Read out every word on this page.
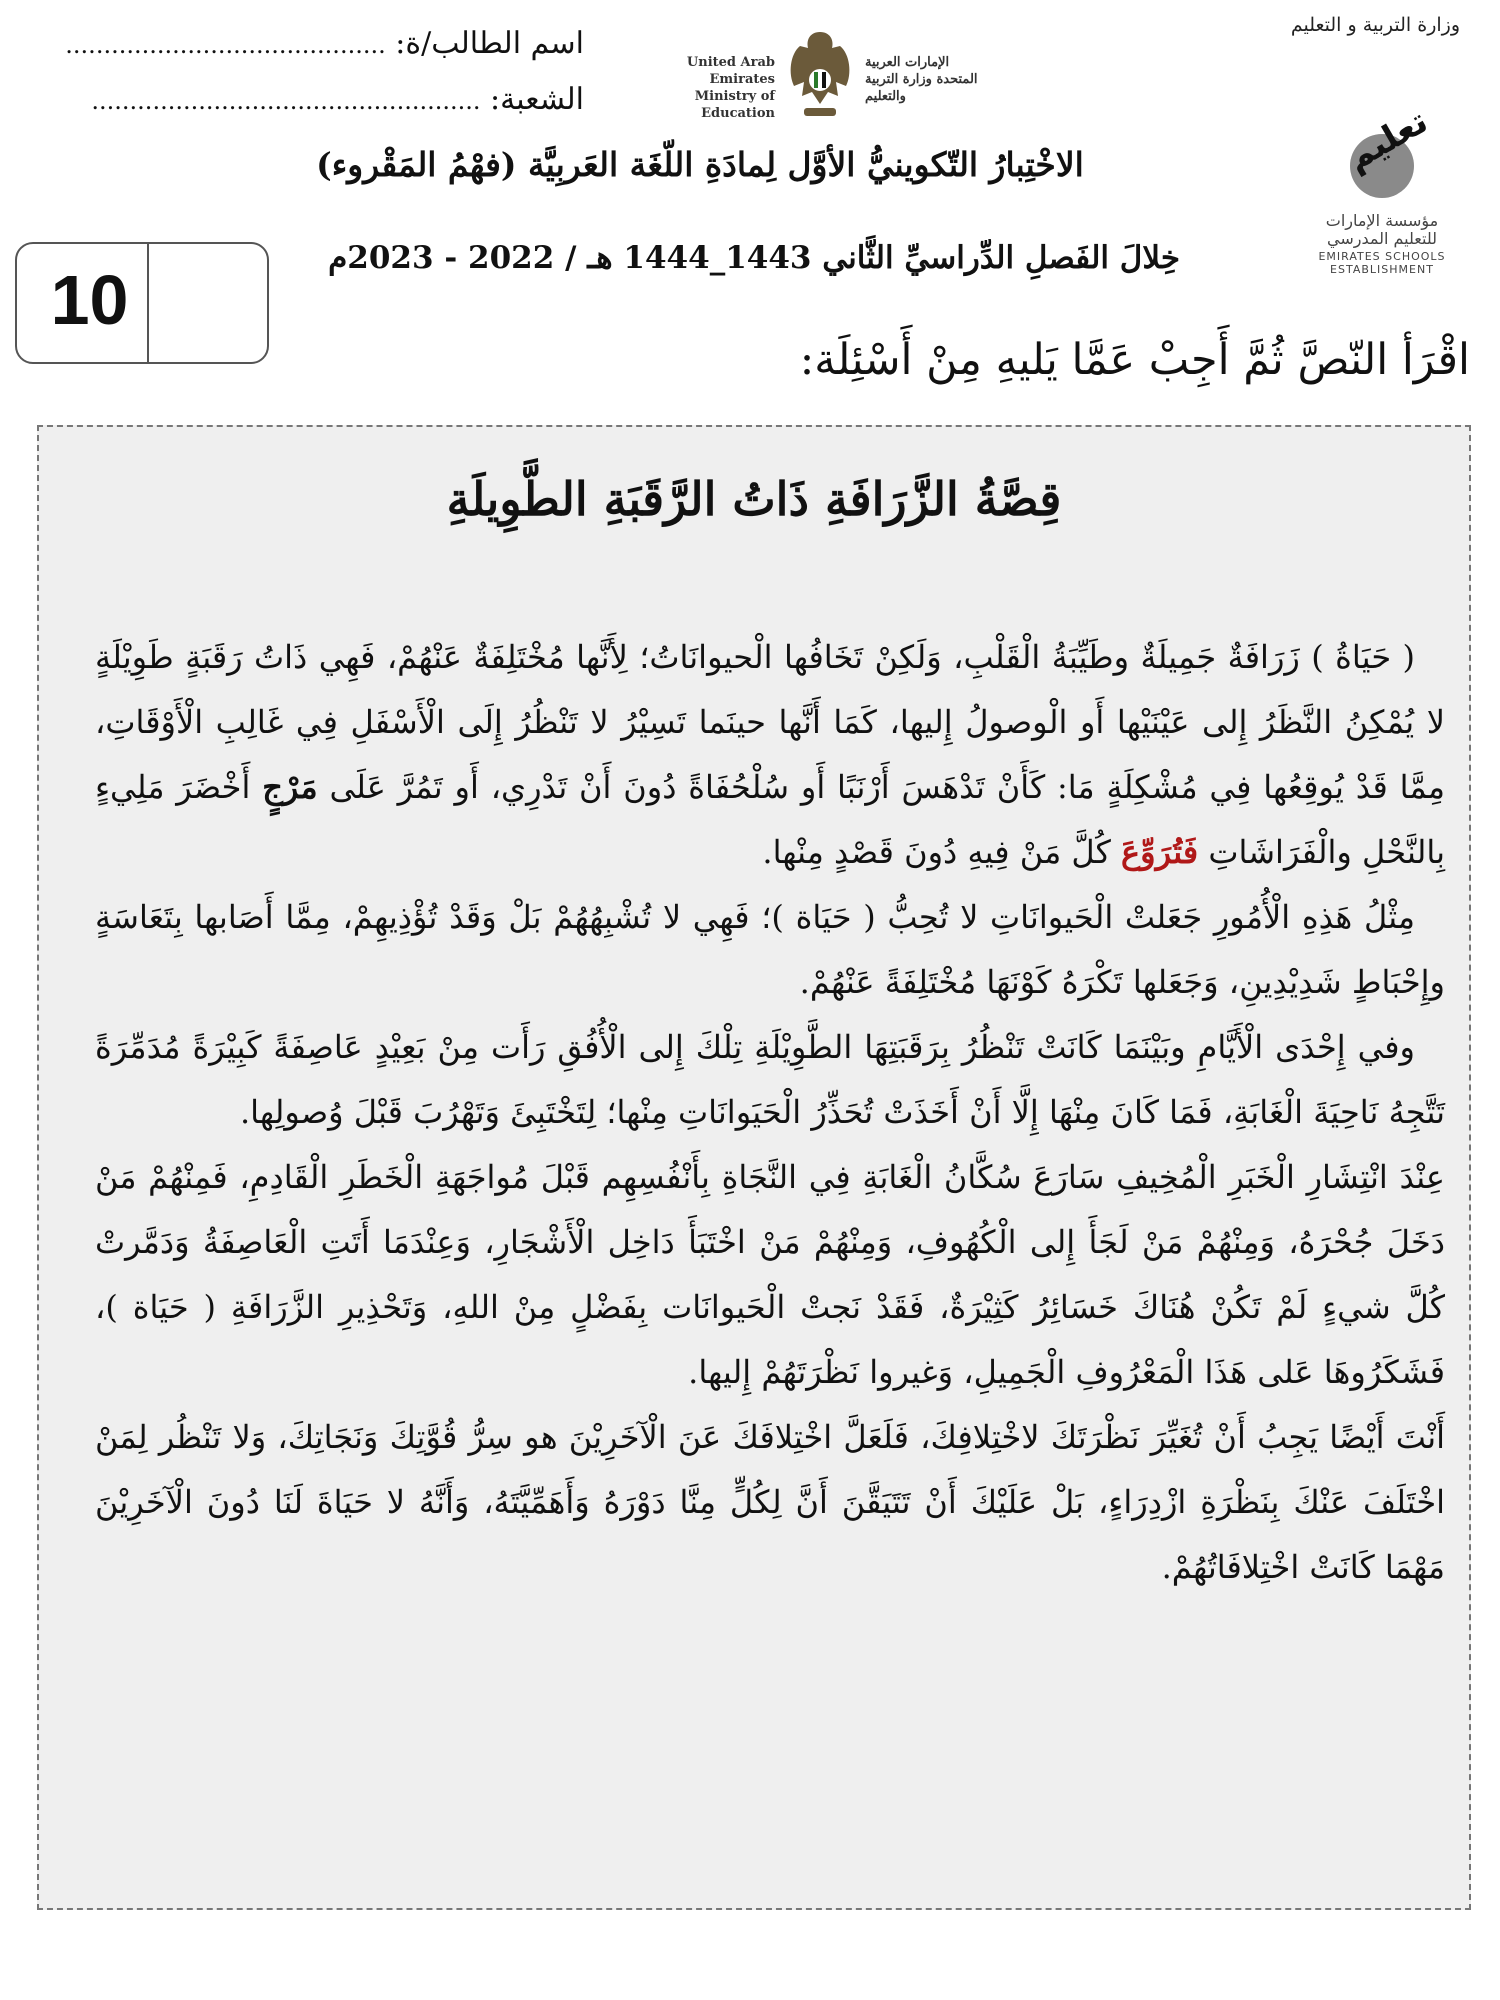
وزارة التربية و التعليم
اسم الطالب/ة: ..........................................
الشعبة: ...................................................
United Arab Emirates Ministry of Education
الإمارات العربية المتحدة وزارة التربية والتعليم
تعليم
مؤسسة الإمارات للتعليم المدرسي
EMIRATES SCHOOLS ESTABLISHMENT
الاخْتِبارُ التّكوينيُّ الأوَّل لِمادَةِ اللّغَة العَربِيَّة (فهْمُ المَقْروء)
خِلالَ الفَصلِ الدِّراسيِّ الثَّاني 1443_1444 هـ / 2022 - 2023م
10
اقْرَأ النّصَّ ثُمَّ أَجِبْ عَمَّا يَليهِ مِنْ أَسْئِلَة:
قِصَّةُ الزَّرَافَةِ ذَاتُ الرَّقَبَةِ الطَّوِيلَةِ

( حَيَاةُ ) زَرَافَةٌ جَمِيلَةٌ وطَيِّبَةُ الْقَلْبِ، وَلَكِنْ تَخَافُها الْحيوانَاتُ؛ لِأَنَّها مُخْتَلِفَةٌ عَنْهُمْ، فَهِي ذَاتُ رَقَبَةٍ طَوِيْلَةٍ لا يُمْكِنُ النَّظَرُ إِلى عَيْنَيْها أَو الْوصولُ إِليها، كَمَا أَنَّها حينَما تَسِيْرُ لا تَنْظُرُ إِلَى الْأَسْفَلِ فِي غَالِبِ الْأَوْقَاتِ، مِمَّا قَدْ يُوقِعُها فِي مُشْكِلَةٍ مَا: كَأَنْ تَدْهَسَ أَرْنَبًا أَو سُلْحُفَاةً دُونَ أَنْ تَدْرِي، أَو تَمُرَّ عَلَى مَرْجٍ أَخْضَرَ مَلِيءٍ بِالنَّحْلِ والْفَرَاشَاتِ فَتُرَوِّعَ كُلَّ مَنْ فِيهِ دُونَ قَصْدٍ مِنْها.

مِثْلُ هَذِهِ الْأُمُورِ جَعَلتْ الْحَيوانَاتِ لا تُحِبُّ ( حَيَاة )؛ فَهِي لا تُشْبِهُهُمْ بَلْ وَقَدْ تُؤْذِيهِمْ، مِمَّا أَصَابها بِتَعَاسَةٍ وإِحْبَاطٍ شَدِيْدِينِ، وَجَعَلها تَكْرَهُ كَوْنَهَا مُخْتَلِفَةً عَنْهُمْ.

وفي إِحْدَى الْأَيَّامِ وبَيْنَمَا كَانَتْ تَنْظُرُ بِرَقَبَتِهَا الطَّوِيْلَةِ تِلْكَ إِلى الْأُفُقِ رَأَت مِنْ بَعِيْدٍ عَاصِفَةً كَبِيْرَةً مُدَمِّرَةً تَتَّجِهُ نَاحِيَةَ الْغَابَةِ، فَمَا كَانَ مِنْهَا إِلَّا أَنْ أَخَذَتْ تُحَذِّرُ الْحَيَوانَاتِ مِنْها؛ لِتَخْتَبِئَ وَتَهْرُبَ قَبْلَ وُصولِها.

عِنْدَ انْتِشَارِ الْخَبَرِ الْمُخِيفِ سَارَعَ سُكَّانُ الْغَابَةِ فِي النَّجَاةِ بِأَنْفُسِهِم قَبْلَ مُواجَهَةِ الْخَطَرِ الْقَادِمِ، فَمِنْهُمْ مَنْ دَخَلَ جُحْرَهُ، وَمِنْهُمْ مَنْ لَجَأَ إِلى الْكُهُوفِ، وَمِنْهُمْ مَنْ اخْتَبَأَ دَاخِل الْأَشْجَارِ، وَعِنْدَمَا أَتَتِ الْعَاصِفَةُ وَدَمَّرتْ كُلَّ شيءٍ لَمْ تَكُنْ هُنَاكَ خَسَائِرُ كَثِيْرَةٌ، فَقَدْ نَجتْ الْحَيوانَات بِفَضْلٍ مِنْ اللهِ، وَتَحْذِيرِ الزَّرَافَةِ ( حَيَاة )، فَشَكَرُوهَا عَلى هَذَا الْمَعْرُوفِ الْجَمِيلِ، وَغيروا نَظْرَتَهُمْ إِليها.

أَنْتَ أَيْضًا يَجِبُ أَنْ تُغَيِّرَ نَظْرَتَكَ لاخْتِلافِكَ، فَلَعَلَّ اخْتِلافَكَ عَنَ الْآخَرِيْنَ هو سِرُّ قُوَّتِكَ وَنَجَاتِكَ، وَلا تَنْظُر لِمَنْ اخْتَلَفَ عَنْكَ بِنَظْرَةِ ازْدِرَاءٍ، بَلْ عَلَيْكَ أَنْ تَتَيَقَّنَ أَنَّ لِكُلٍّ مِنَّا دَوْرَهُ وَأَهَمِّيَّتَهُ، وَأَنَّهُ لا حَيَاةَ لَنَا دُونَ الْآخَرِيْنَ مَهْمَا كَانَتْ اخْتِلافَاتُهُمْ.
